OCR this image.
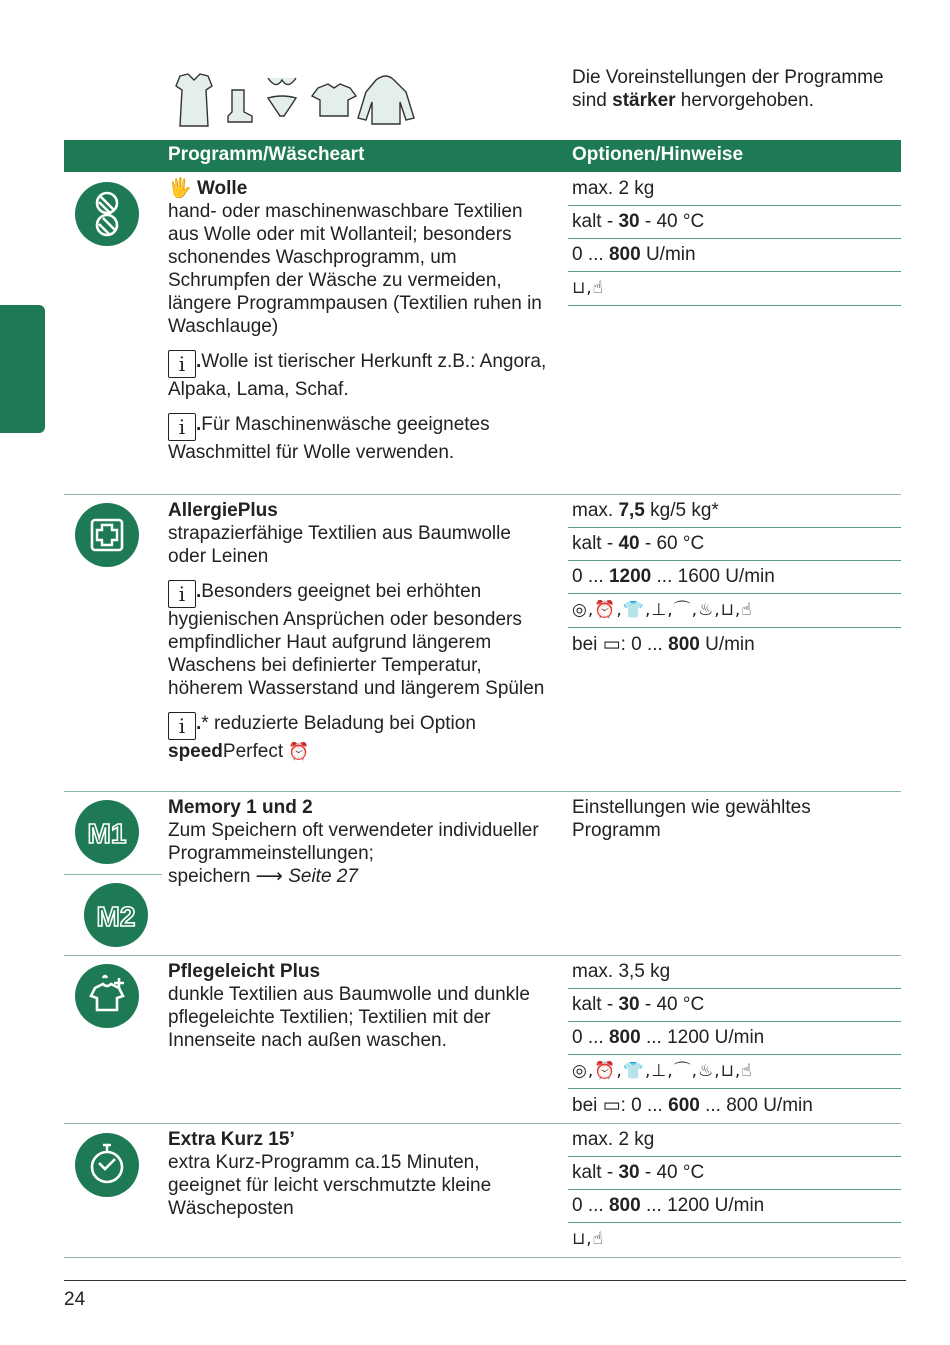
Die Voreinstellungen der Programme sind stärker hervorgehoben.
Programm/Wäscheart	Optionen/Hinweise
🖐 Wolle
hand- oder maschinenwaschbare Textilien aus Wolle oder mit Wollanteil; besonders schonendes Waschprogramm, um Schrumpfen der Wäsche zu vermeiden, längere Programmpausen (Textilien ruhen in Waschlauge)
i .Wolle ist tierischer Herkunft z.B.: Angora, Alpaka, Lama, Schaf.
i .Für Maschinenwäsche geeignetes Waschmittel für Wolle verwenden.
max. 2 kg
kalt - 30 - 40 °C
0 ... 800 U/min
⊔,☝
AllergiePlus
strapazierfähige Textilien aus Baumwolle oder Leinen
i .Besonders geeignet bei erhöhten hygienischen Ansprüchen oder besonders empfindlicher Haut aufgrund längerem Waschens bei definierter Temperatur, höherem Wasserstand und längerem Spülen
i .* reduzierte Beladung bei Option
speedPerfect ⏰
max. 7,5 kg/5 kg*
kalt - 40 - 60 °C
0 ... 1200 ... 1600 U/min
◎,⏰,👕,⊥,⌒,♨,⊔,☝
bei ▭: 0 ... 800 U/min
M1
M2
Memory 1 und 2
Zum Speichern oft verwendeter individueller Programmeinstellungen;
speichern ⟶ Seite 27
Einstellungen wie gewähltes Programm
Pflegeleicht Plus
dunkle Textilien aus Baumwolle und dunkle pflegeleichte Textilien; Textilien mit der Innenseite nach außen waschen.
max. 3,5 kg
kalt - 30 - 40 °C
0 ... 800 ... 1200 U/min
◎,⏰,👕,⊥,⌒,♨,⊔,☝
bei ▭: 0 ... 600 ... 800 U/min
Extra Kurz 15’
extra Kurz-Programm ca.15 Minuten, geeignet für leicht verschmutzte kleine Wäscheposten
max. 2 kg
kalt - 30 - 40 °C
0 ... 800 ... 1200 U/min
⊔,☝
24
